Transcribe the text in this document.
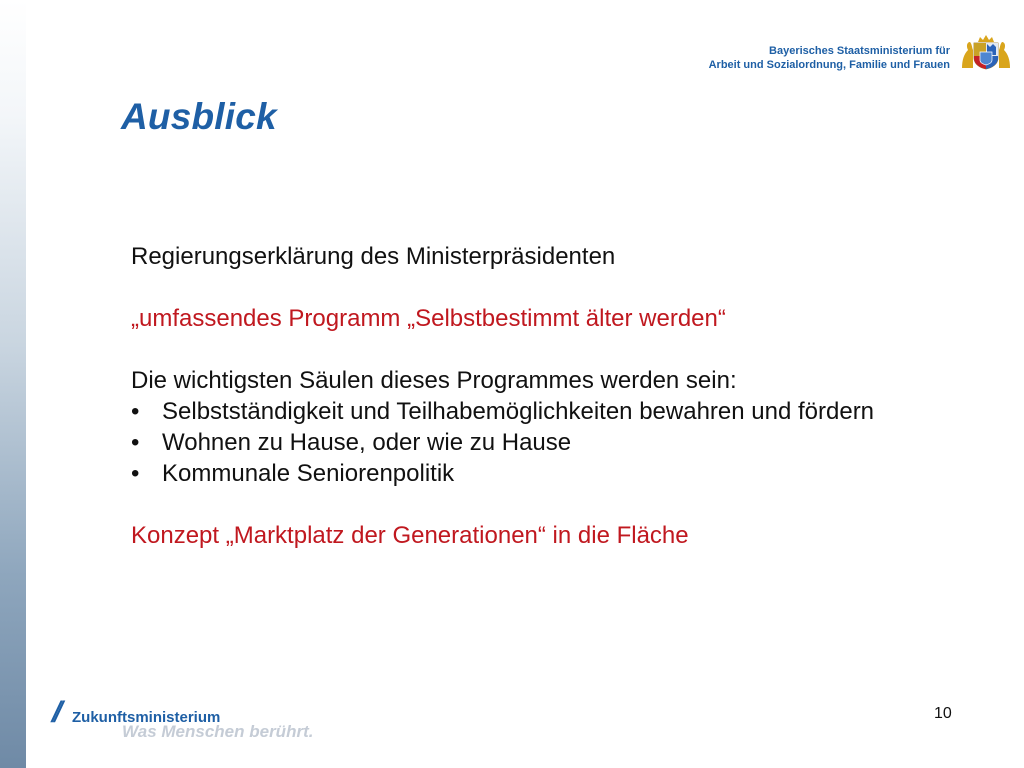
Bayerisches Staatsministerium für
Arbeit und Sozialordnung, Familie und Frauen
Ausblick
Regierungserklärung des Ministerpräsidenten
„umfassendes Programm „Selbstbestimmt älter werden“
Die wichtigsten Säulen dieses Programmes werden sein:
• Selbstständigkeit und Teilhabemöglichkeiten bewahren und fördern
• Wohnen zu Hause, oder wie zu Hause
• Kommunale Seniorenpolitik
Konzept „Marktplatz der Generationen“ in die Fläche
// Zukunftsministerium
Was Menschen berührt.
10
